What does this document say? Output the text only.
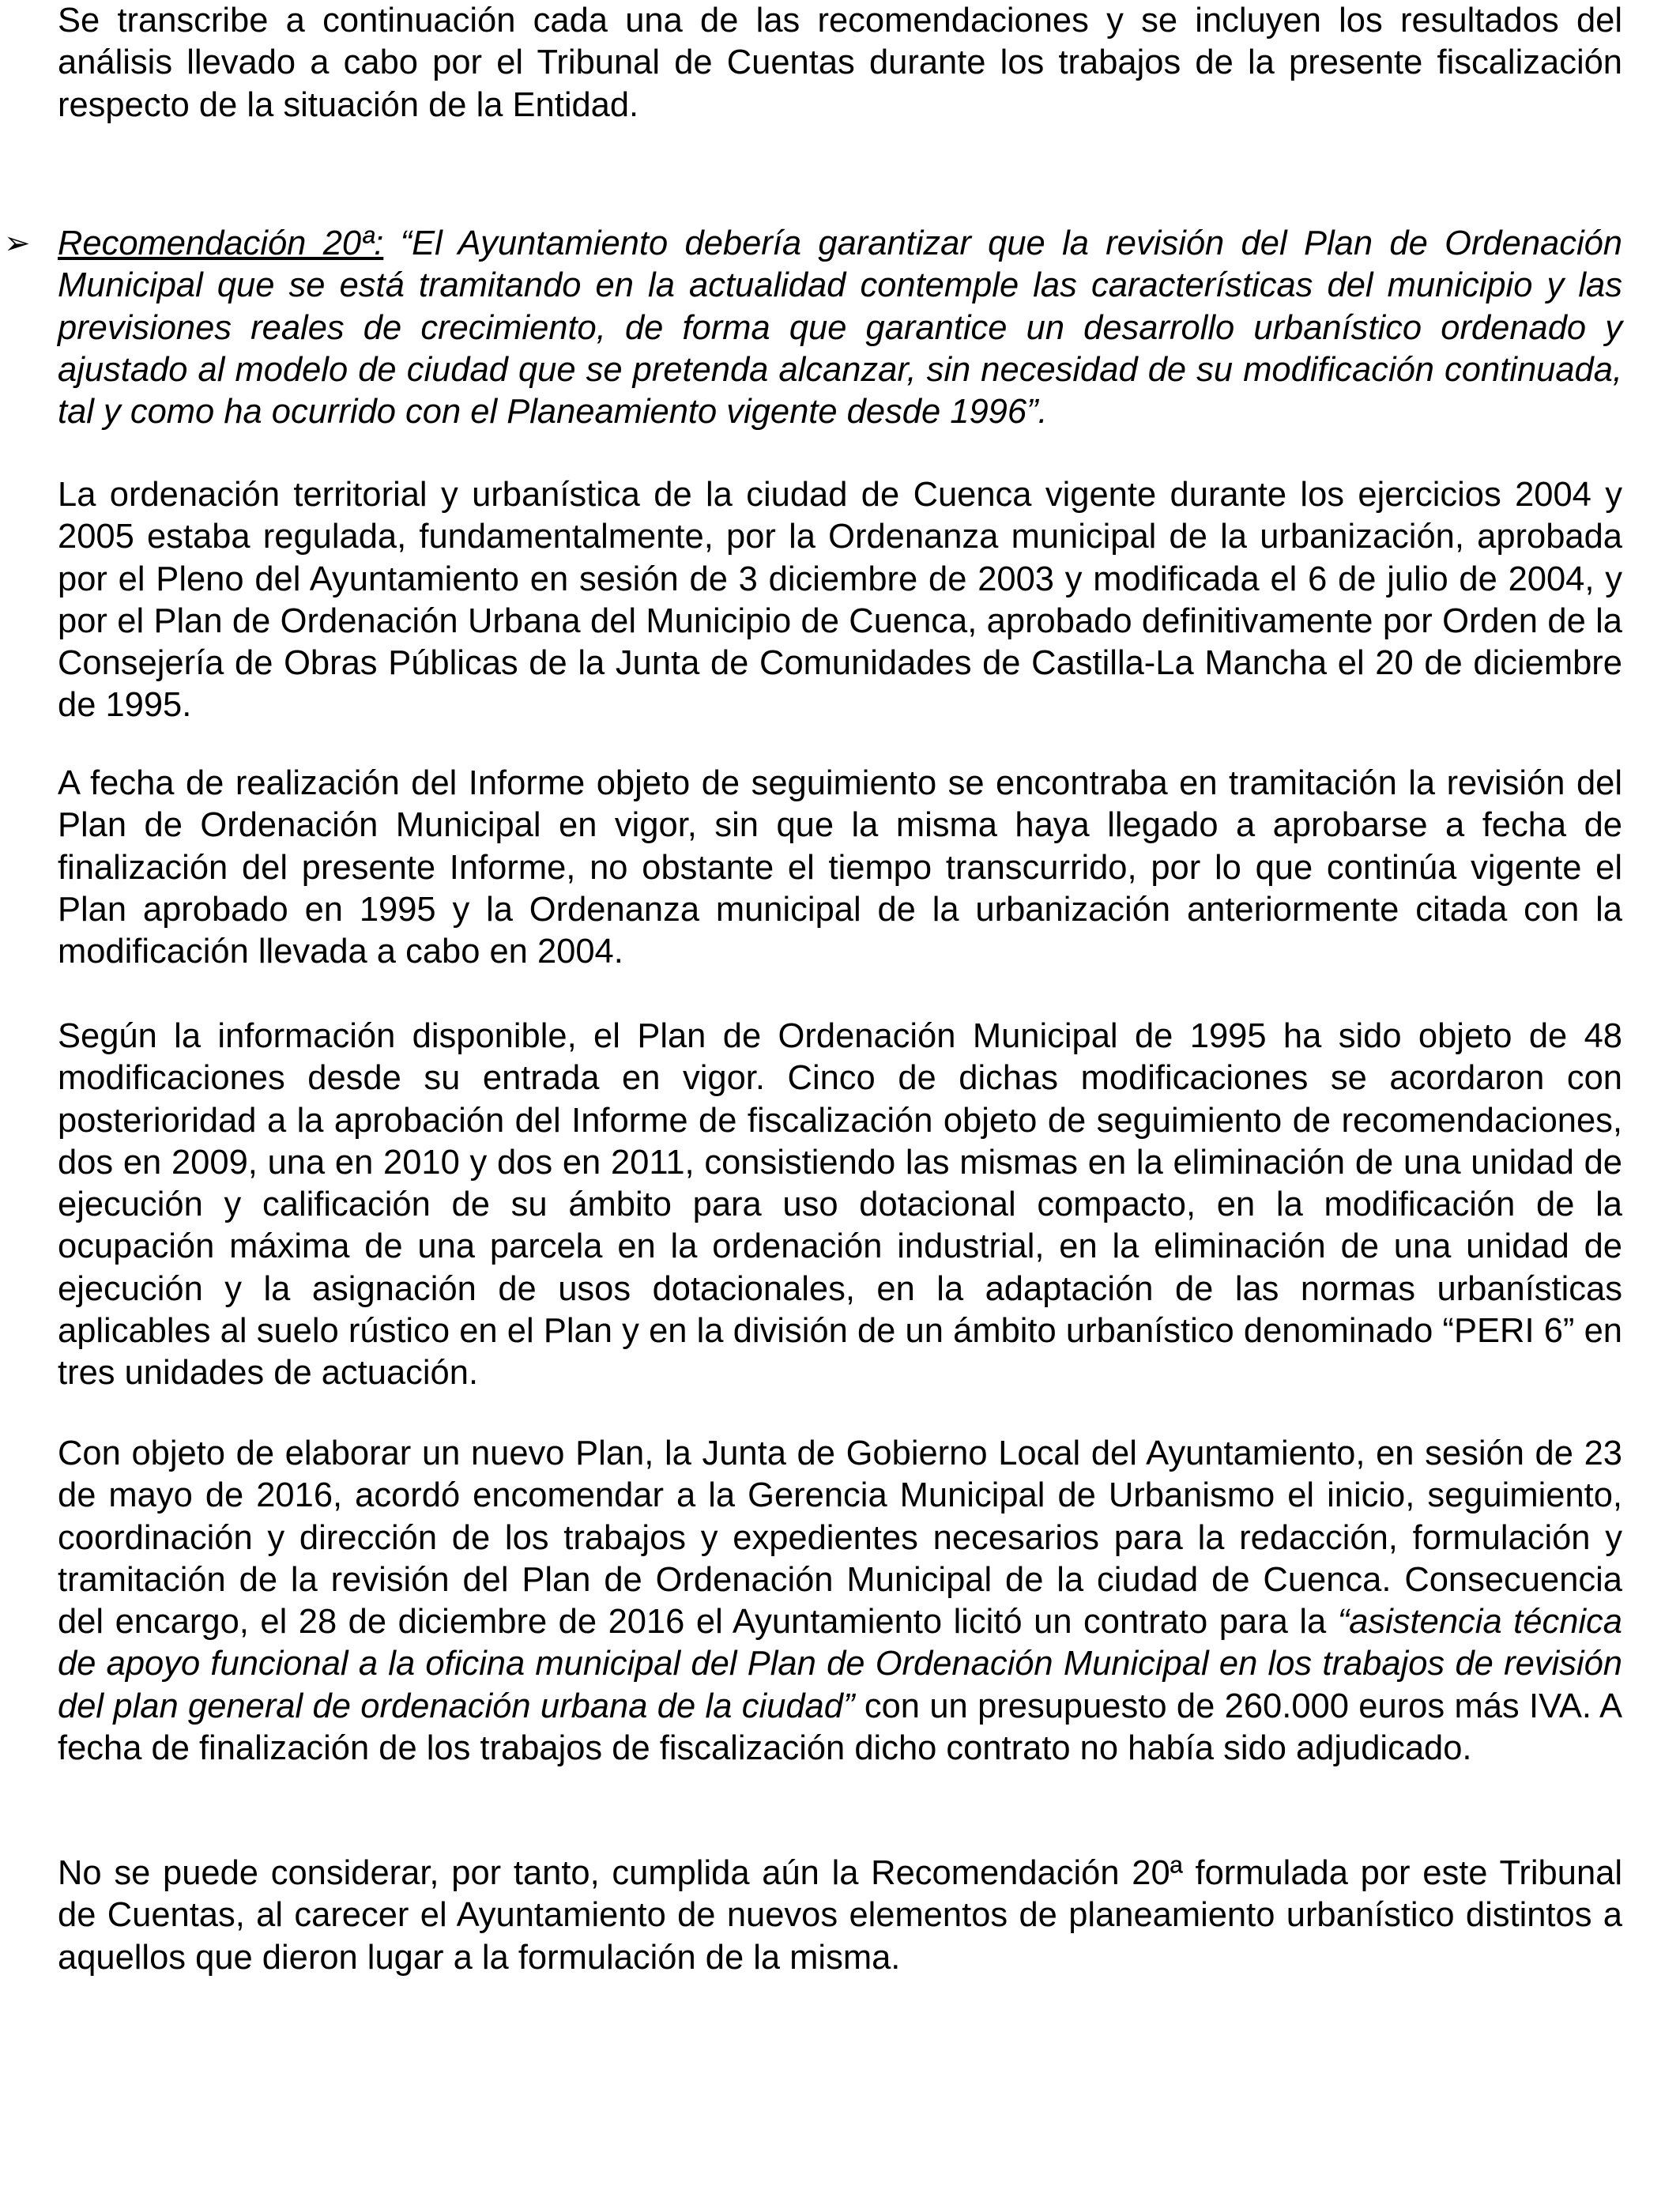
Se transcribe a continuación cada una de las recomendaciones y se incluyen los resultados del análisis llevado a cabo por el Tribunal de Cuentas durante los trabajos de la presente fiscalización respecto de la situación de la Entidad.

➢ Recomendación 20ª: “El Ayuntamiento debería garantizar que la revisión del Plan de Ordenación Municipal que se está tramitando en la actualidad contemple las características del municipio y las previsiones reales de crecimiento, de forma que garantice un desarrollo urbanístico ordenado y ajustado al modelo de ciudad que se pretenda alcanzar, sin necesidad de su modificación continuada, tal y como ha ocurrido con el Planeamiento vigente desde 1996”.

La ordenación territorial y urbanística de la ciudad de Cuenca vigente durante los ejercicios 2004 y 2005 estaba regulada, fundamentalmente, por la Ordenanza municipal de la urbanización, aprobada por el Pleno del Ayuntamiento en sesión de 3 diciembre de 2003 y modificada el 6 de julio de 2004, y por el Plan de Ordenación Urbana del Municipio de Cuenca, aprobado definitivamente por Orden de la Consejería de Obras Públicas de la Junta de Comunidades de Castilla-La Mancha el 20 de diciembre de 1995.

A fecha de realización del Informe objeto de seguimiento se encontraba en tramitación la revisión del Plan de Ordenación Municipal en vigor, sin que la misma haya llegado a aprobarse a fecha de finalización del presente Informe, no obstante el tiempo transcurrido, por lo que continúa vigente el Plan aprobado en 1995 y la Ordenanza municipal de la urbanización anteriormente citada con la modificación llevada a cabo en 2004.

Según la información disponible, el Plan de Ordenación Municipal de 1995 ha sido objeto de 48 modificaciones desde su entrada en vigor. Cinco de dichas modificaciones se acordaron con posterioridad a la aprobación del Informe de fiscalización objeto de seguimiento de recomendaciones, dos en 2009, una en 2010 y dos en 2011, consistiendo las mismas en la eliminación de una unidad de ejecución y calificación de su ámbito para uso dotacional compacto, en la modificación de la ocupación máxima de una parcela en la ordenación industrial, en la eliminación de una unidad de ejecución y la asignación de usos dotacionales, en la adaptación de las normas urbanísticas aplicables al suelo rústico en el Plan y en la división de un ámbito urbanístico denominado “PERI 6” en tres unidades de actuación.

Con objeto de elaborar un nuevo Plan, la Junta de Gobierno Local del Ayuntamiento, en sesión de 23 de mayo de 2016, acordó encomendar a la Gerencia Municipal de Urbanismo el inicio, seguimiento, coordinación y dirección de los trabajos y expedientes necesarios para la redacción, formulación y tramitación de la revisión del Plan de Ordenación Municipal de la ciudad de Cuenca. Consecuencia del encargo, el 28 de diciembre de 2016 el Ayuntamiento licitó un contrato para la “asistencia técnica de apoyo funcional a la oficina municipal del Plan de Ordenación Municipal en los trabajos de revisión del plan general de ordenación urbana de la ciudad” con un presupuesto de 260.000 euros más IVA. A fecha de finalización de los trabajos de fiscalización dicho contrato no había sido adjudicado.

No se puede considerar, por tanto, cumplida aún la Recomendación 20ª formulada por este Tribunal de Cuentas, al carecer el Ayuntamiento de nuevos elementos de planeamiento urbanístico distintos a aquellos que dieron lugar a la formulación de la misma.
